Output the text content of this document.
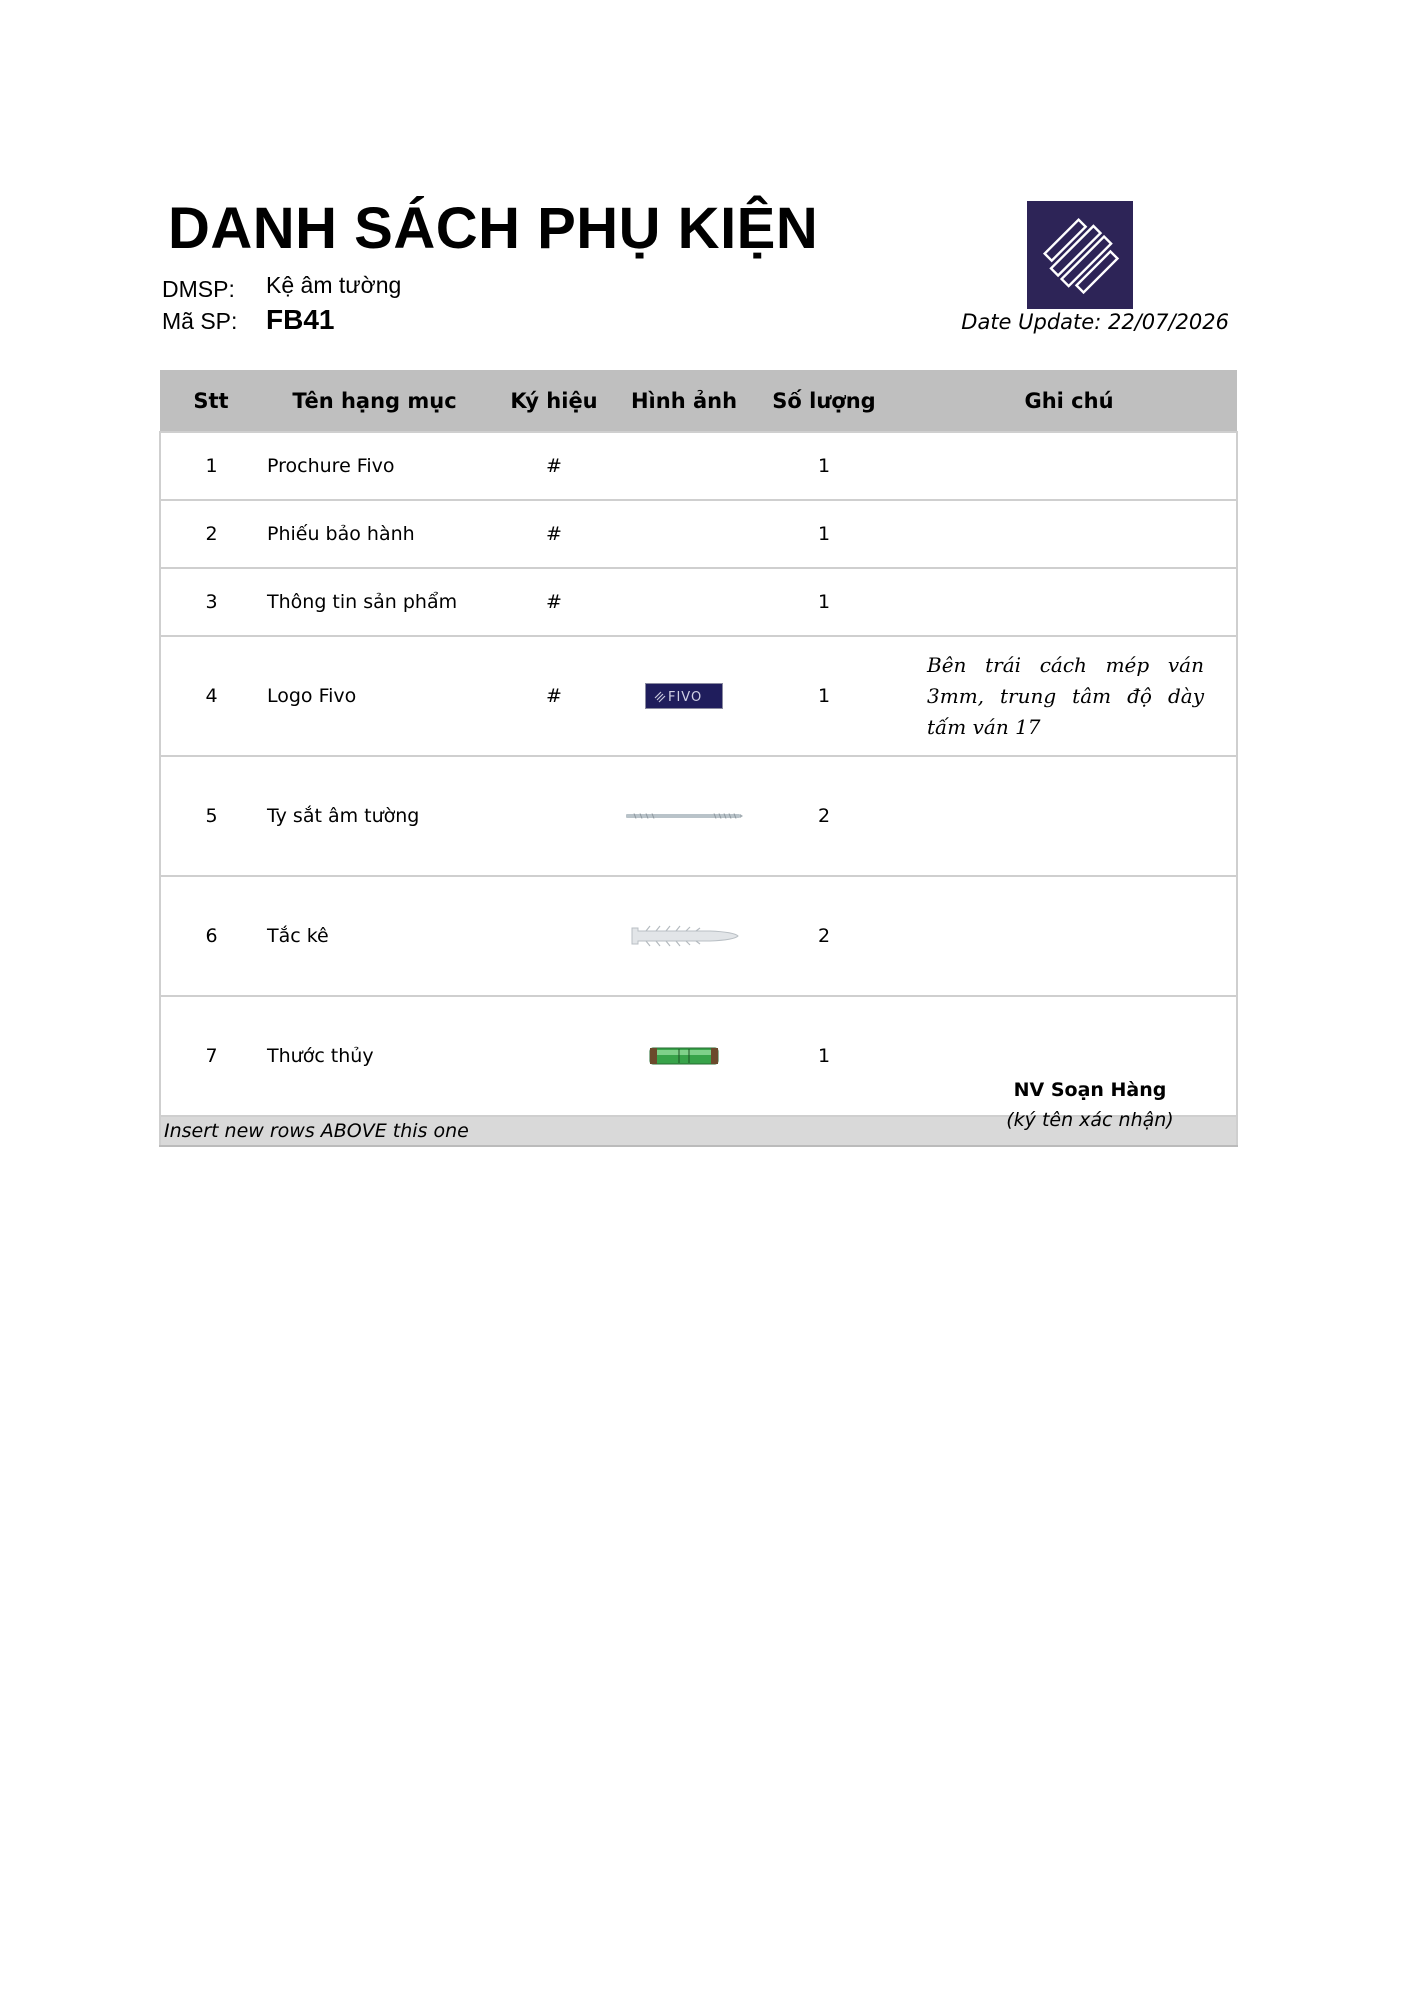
DANH SÁCH PHỤ KIỆN
DMSP: Kệ âm tường
Mã SP: FB41	Date Update: 22/07/2026
Stt	Tên hạng mục	Ký hiệu	Hình ảnh	Số lượng	Ghi chú
1	Prochure Fivo	#		1	
2	Phiếu bảo hành	#		1	
3	Thông tin sản phẩm	#		1	
4	Logo Fivo	#	FIVO	1	Bên trái cách mép ván 3mm, trung tâm độ dày tấm ván 17
5	Ty sắt âm tường			2	
6	Tắc kê			2	
7	Thước thủy			1	
Insert new rows ABOVE this one					
NV Soạn Hàng
(ký tên xác nhận)
